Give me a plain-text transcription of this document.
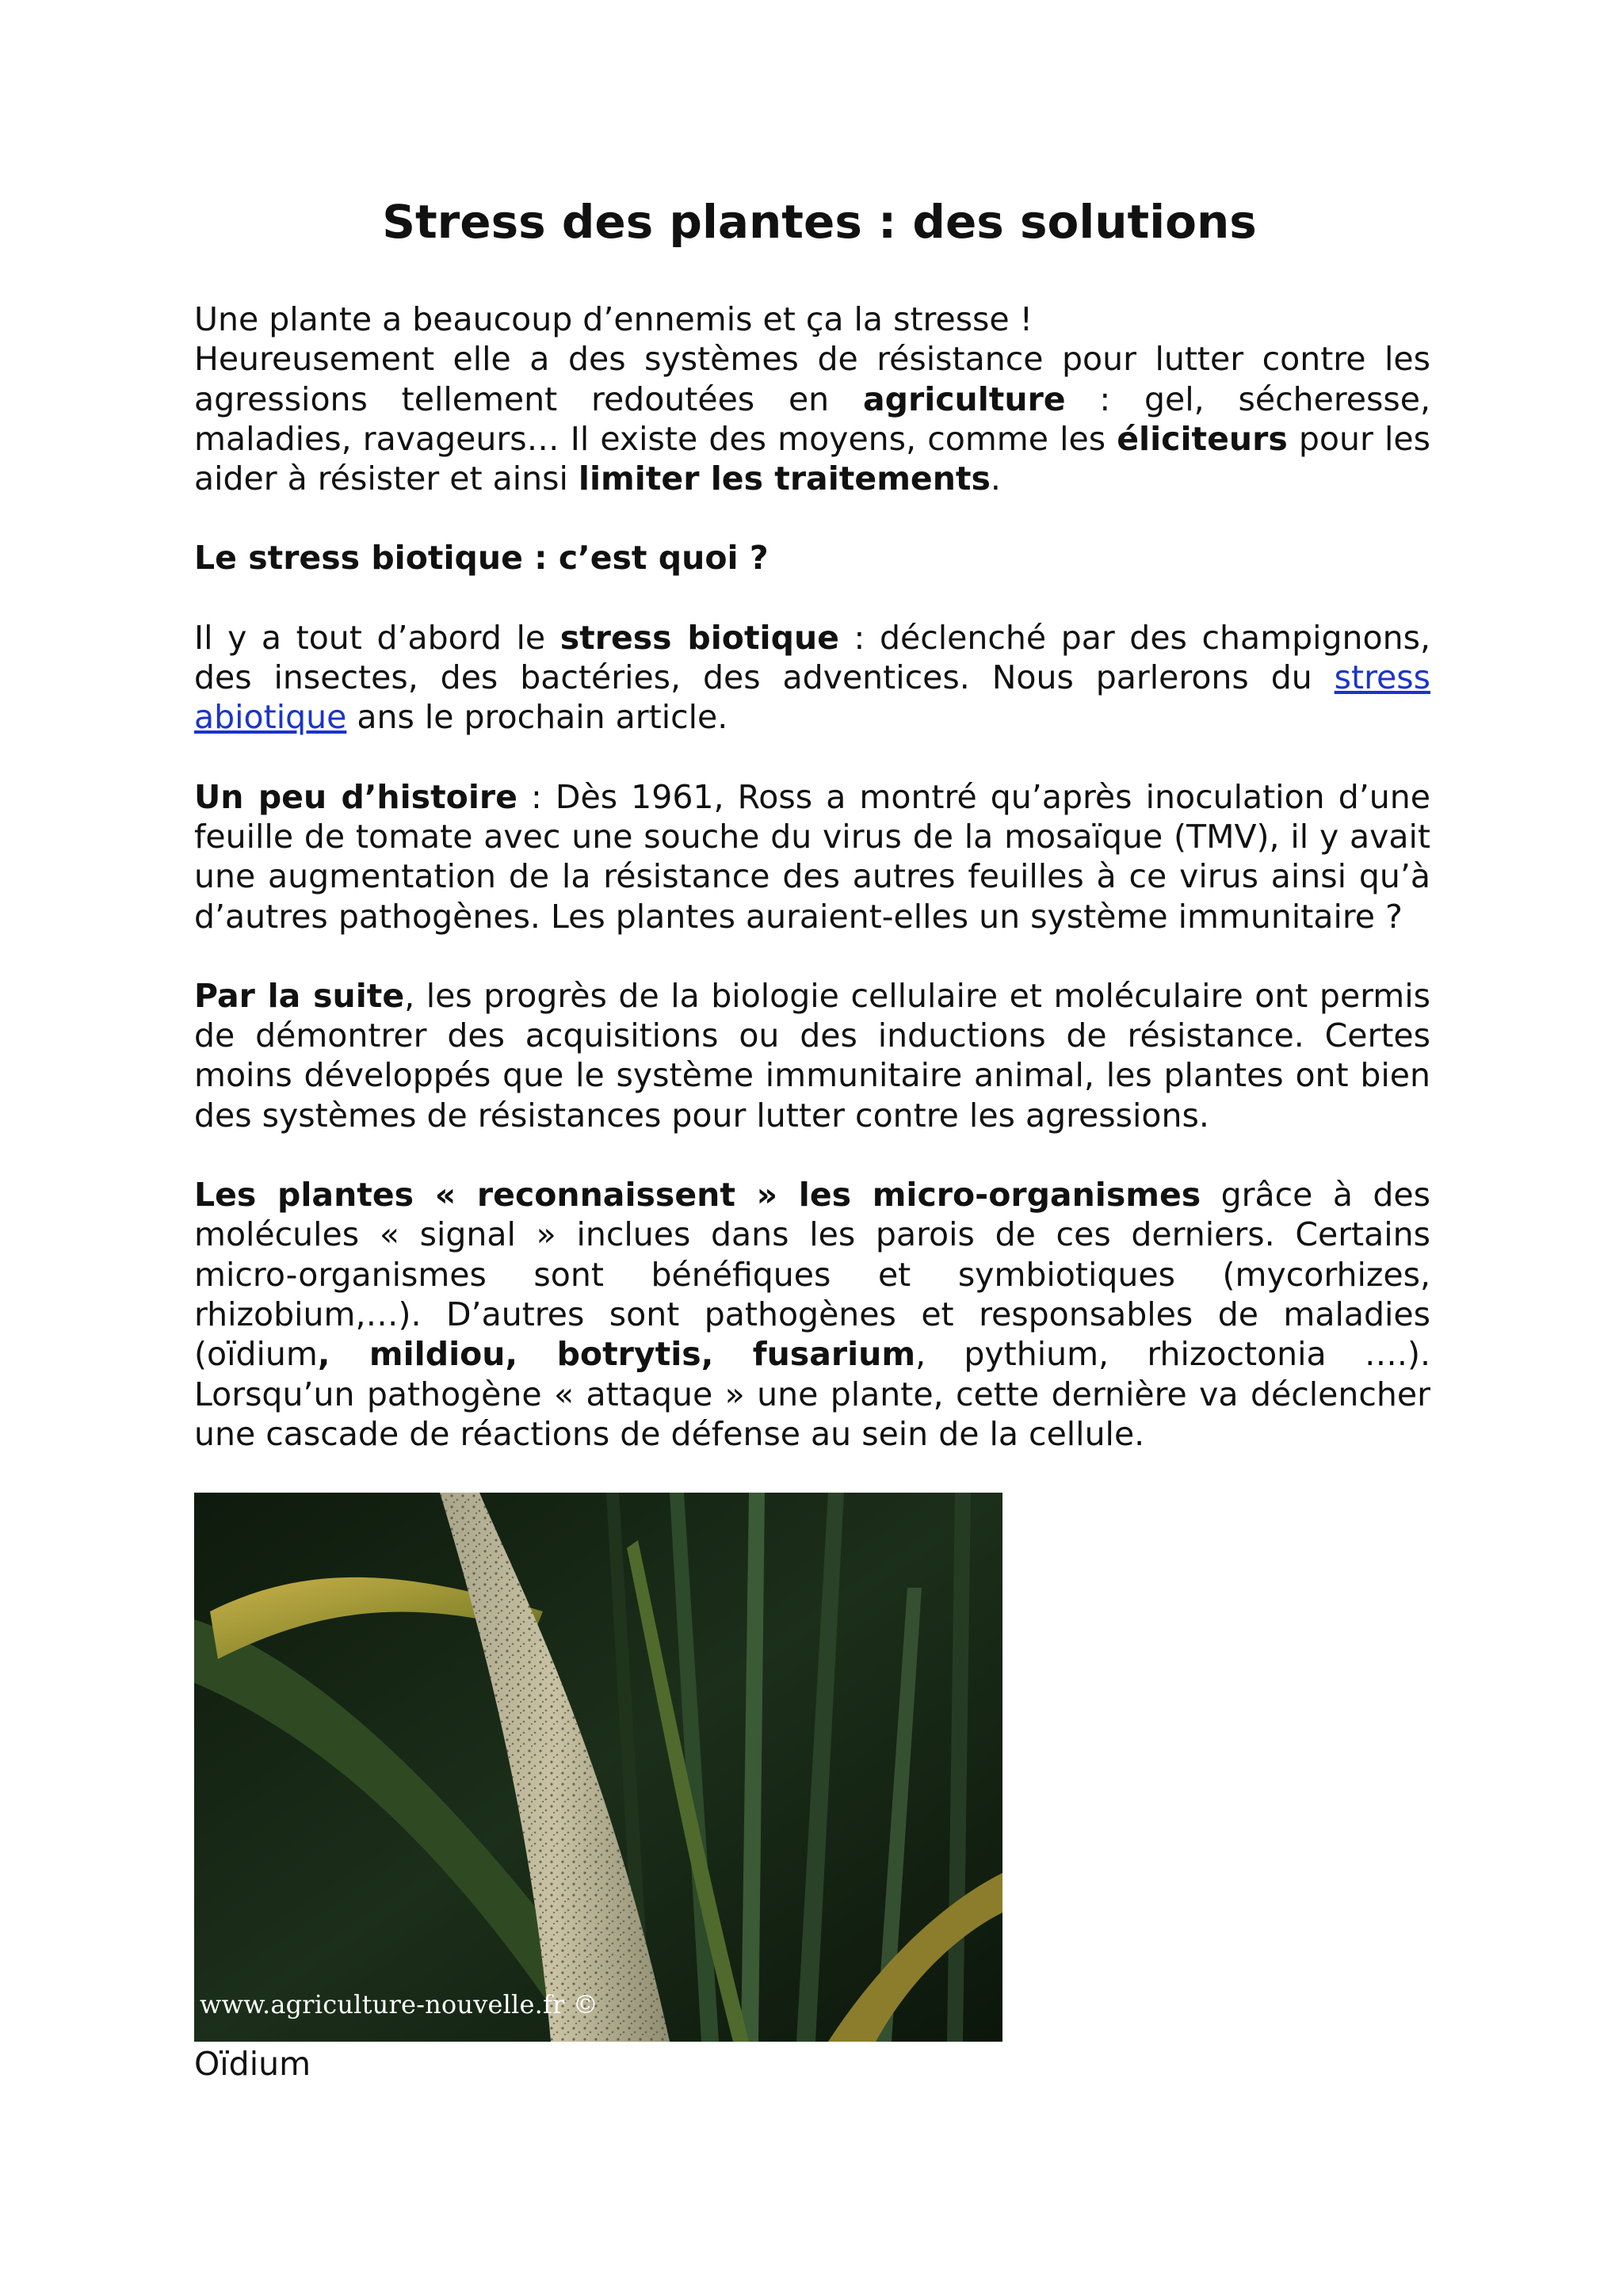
Stress des plantes : des solutions

Une plante a beaucoup d’ennemis et ça la stresse !

Heureusement elle a des systèmes de résistance pour lutter contre les agressions tellement redoutées en agriculture : gel, sécheresse, maladies, ravageurs… Il existe des moyens, comme les éliciteurs pour les aider à résister et ainsi limiter les traitements.

Le stress biotique : c’est quoi ?

Il y a tout d’abord le stress biotique : déclenché par des champignons, des insectes, des bactéries, des adventices. Nous parlerons du stress abiotique ans le prochain article.

Un peu d’histoire : Dès 1961, Ross a montré qu’après inoculation d’une feuille de tomate avec une souche du virus de la mosaïque (TMV), il y avait une augmentation de la résistance des autres feuilles à ce virus ainsi qu’à d’autres pathogènes. Les plantes auraient-elles un système immunitaire ?

Par la suite, les progrès de la biologie cellulaire et moléculaire ont permis de démontrer des acquisitions ou des inductions de résistance. Certes moins développés que le système immunitaire animal, les plantes ont bien des systèmes de résistances pour lutter contre les agressions.

Les plantes « reconnaissent » les micro-organismes grâce à des molécules « signal » inclues dans les parois de ces derniers. Certains micro-organismes sont bénéfiques et symbiotiques (mycorhizes, rhizobium,…). D’autres sont pathogènes et responsables de maladies (oïdium, mildiou, botrytis, fusarium, pythium, rhizoctonia ….). Lorsqu’un pathogène « attaque » une plante, cette dernière va déclencher une cascade de réactions de défense au sein de la cellule.

www.agriculture-nouvelle.fr ©

Oïdium
